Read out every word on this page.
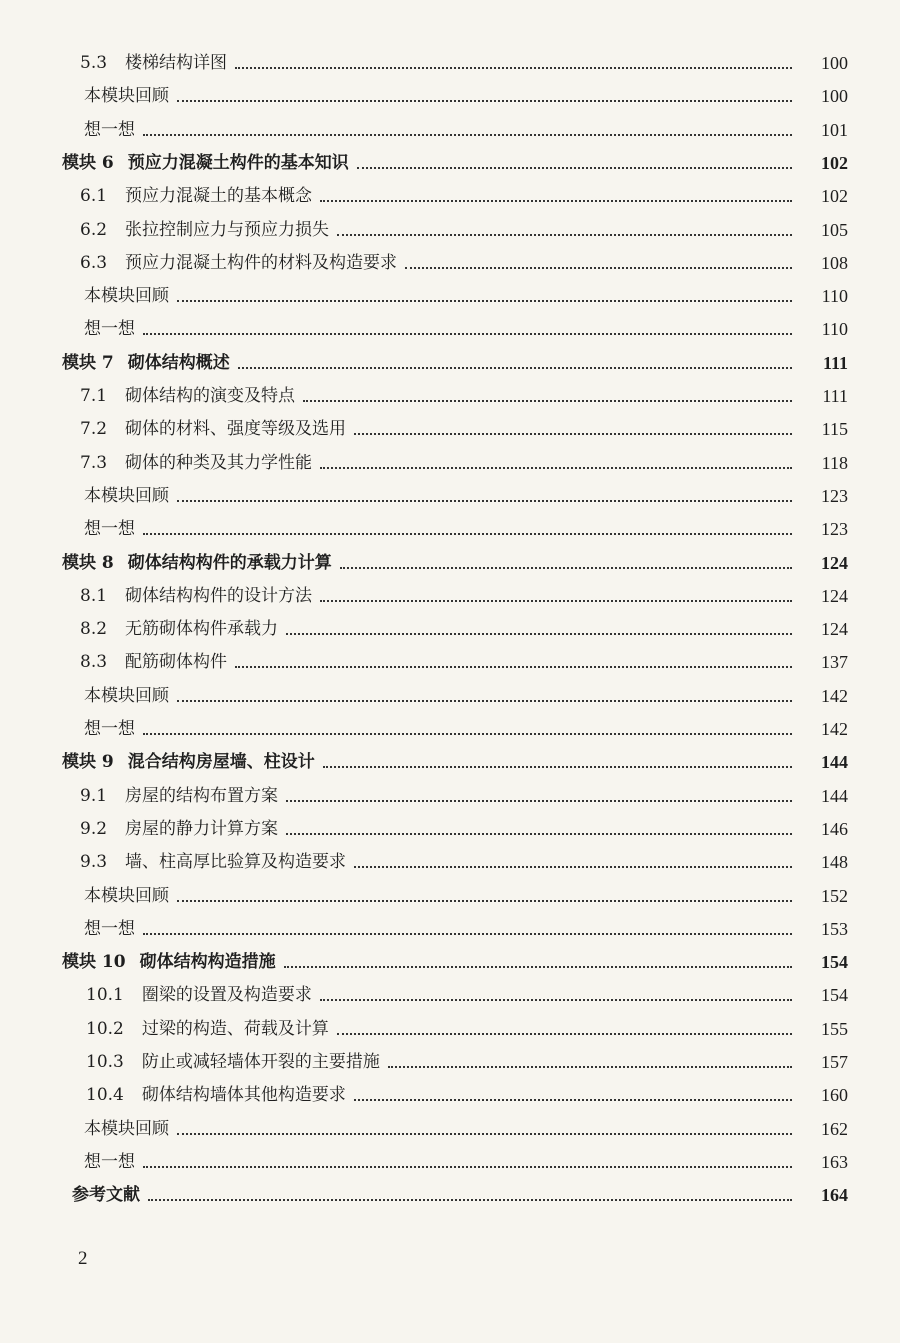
5.3 楼梯结构详图	100
本模块回顾	100
想一想	101
模块 6 预应力混凝土构件的基本知识	102
6.1 预应力混凝土的基本概念	102
6.2 张拉控制应力与预应力损失	105
6.3 预应力混凝土构件的材料及构造要求	108
本模块回顾	110
想一想	110
模块 7 砌体结构概述	111
7.1 砌体结构的演变及特点	111
7.2 砌体的材料、强度等级及选用	115
7.3 砌体的种类及其力学性能	118
本模块回顾	123
想一想	123
模块 8 砌体结构构件的承载力计算	124
8.1 砌体结构构件的设计方法	124
8.2 无筋砌体构件承载力	124
8.3 配筋砌体构件	137
本模块回顾	142
想一想	142
模块 9 混合结构房屋墙、柱设计	144
9.1 房屋的结构布置方案	144
9.2 房屋的静力计算方案	146
9.3 墙、柱高厚比验算及构造要求	148
本模块回顾	152
想一想	153
模块 10 砌体结构构造措施	154
10.1 圈梁的设置及构造要求	154
10.2 过梁的构造、荷载及计算	155
10.3 防止或减轻墙体开裂的主要措施	157
10.4 砌体结构墙体其他构造要求	160
本模块回顾	162
想一想	163
参考文献	164
2
